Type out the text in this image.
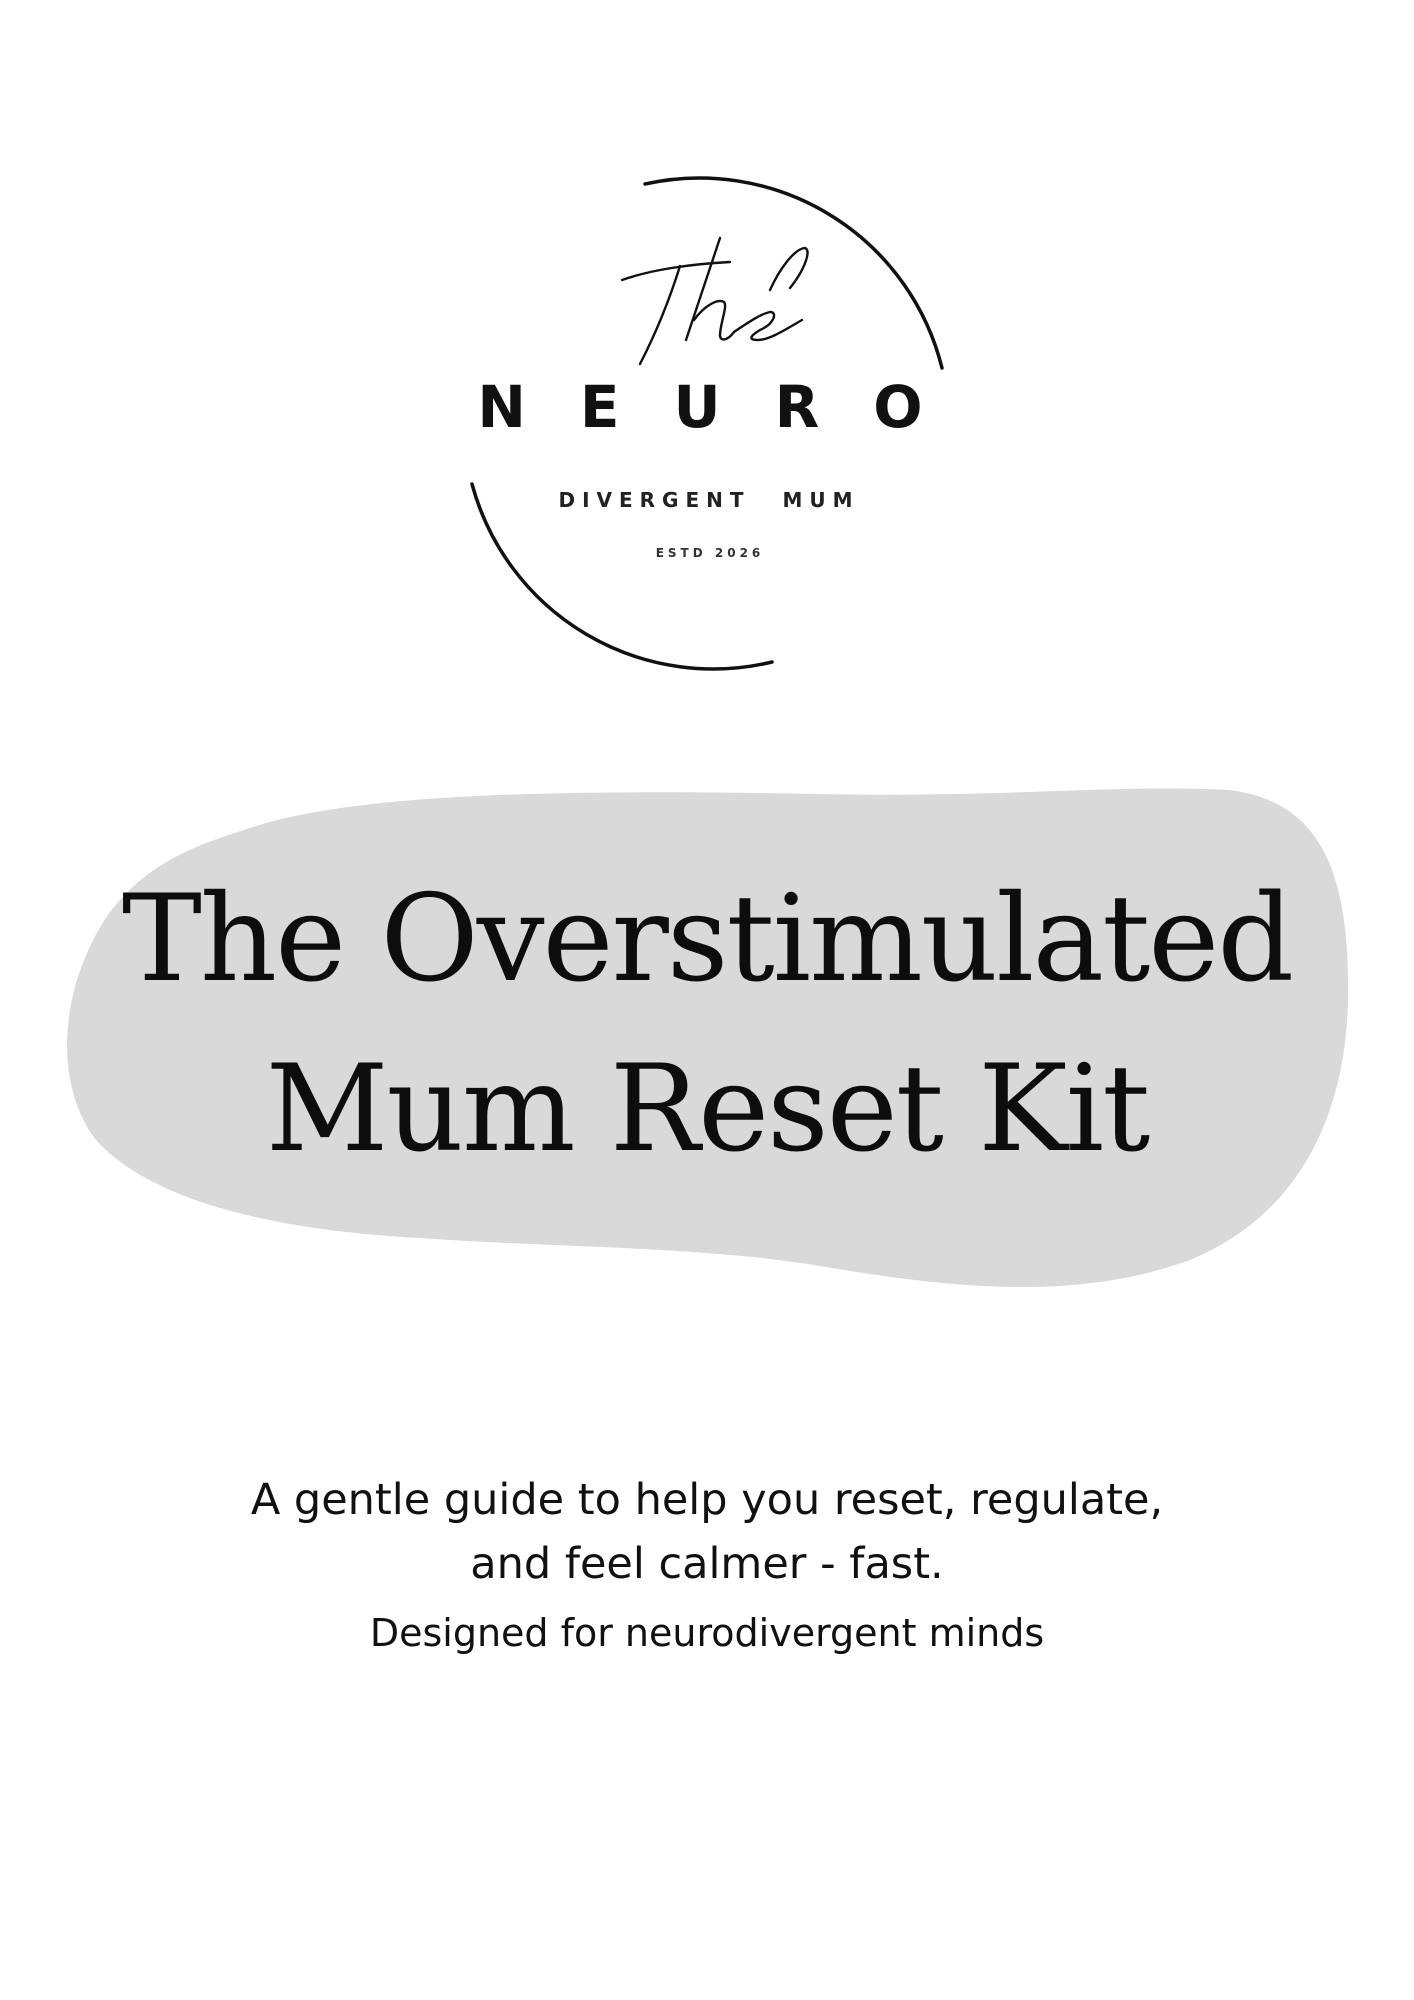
NEURO
DIVERGENT MUM
ESTD 2026
The Overstimulated
Mum Reset Kit
A gentle guide to help you reset, regulate,
and feel calmer - fast.
Designed for neurodivergent minds
